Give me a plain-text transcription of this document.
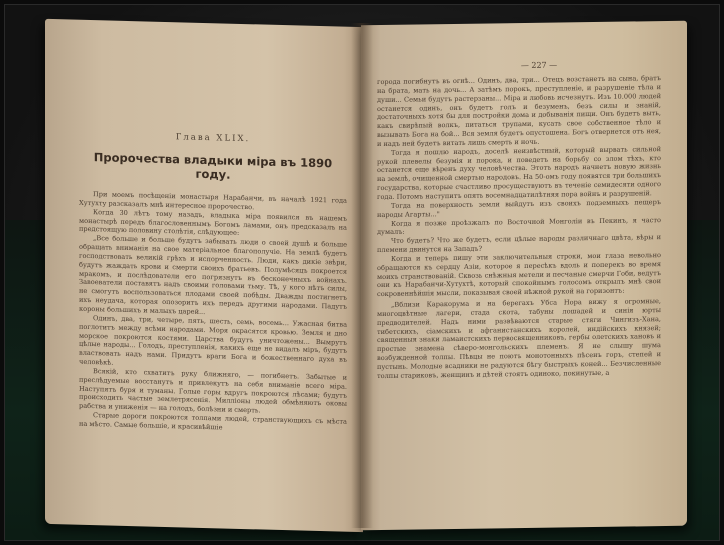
Глава XLIX.

Пророчества владыки міра въ 1890 году.

При моемъ посѣщеніи монастыря Нарабанчи, въ началѣ 1921 года Хутухту разсказалъ мнѣ интересное пророчество.

Когда 30 лѣтъ тому назадъ, владыка міра появился въ нашемъ монастырѣ передъ благословеннымъ Богомъ ламами, онъ предсказалъ на предстоящую половину столѣтія, слѣдующее:

„Все больше и больше будутъ забывать люди о своей душѣ и больше обращать вниманія на свое матеріальное благополучіе. На землѣ будетъ господствовать великій грѣхъ и испорченность. Люди, какъ дикіе звѣри, будутъ жаждать крови и смерти своихъ братьевъ. Полумѣсяцъ покроется мракомъ, и послѣдователи его погрязнутъ въ бесконечныхъ войнахъ. Завоеватели поставятъ надъ своими головами тьму. Тѣ, у кого нѣтъ силы, не смогутъ воспользоваться плодами своей побѣды. Дважды постигнетъ ихъ неудача, которая опозоритъ ихъ передъ другими народами. Падутъ короны большихъ и малыхъ царей...

Одинъ, два, три, четыре, пять, шесть, семь, восемь... Ужасная битва поглотитъ между всѣми народами. Моря окрасятся кровью. Земля и дно морское покроются костями. Царства будутъ уничтожены... Вымрутъ цѣлые народы... Голодъ, преступленія, какихъ еще не видалъ міръ, будутъ властвовать надъ нами. Придутъ враги Бога и божественнаго духа въ человѣкѣ.

Всякій, кто схватитъ руку ближняго, — погибнетъ. Забытые и преслѣдуемые восстанутъ и привлекутъ на себя вниманіе всего міра. Наступятъ буря и туманы. Голые горы вдругъ покроются лѣсами; будутъ происходить частые землетрясенія. Милліоны людей обмѣняютъ оковы рабства и униженія — на голодъ, болѣзни и смерть.

Старые дороги покроются толпами людей, странствующихъ съ мѣста на мѣсто. Самые большіе, и красивѣйшіе

— 227 —

города погибнутъ въ огнѣ... Одинъ, два, три... Отецъ возстанетъ на сына, братъ на брата, мать на дочь... А затѣмъ порокъ, преступленіе, и разрушеніе тѣла и души... Семьи будутъ растерзаны... Міра и любовь исчезнутъ. Изъ 10.000 людей останется одинъ, онъ будетъ голъ и безуменъ, безъ силы и знаній, достаточныхъ хотя бы для постройки дома и добыванія пищи. Онъ будетъ выть, какъ свирѣпый волкъ, питаться трупами, кусать свое собственное тѣло и вызывать Бога на бой... Вся земля будетъ опустошена. Богъ отвернется отъ нея, и надъ ней будетъ витать лишь смерть и ночь.

Тогда я пошлю народъ, доселѣ неизвѣстный, который вырвать сильной рукой плевелы безумія и порока, и поведетъ на борьбу со злом тѣхъ, кто останется еще вѣренъ духу человѣчества. Этотъ народъ начнетъ новую жизнь на землѣ, очищенной смертью народовъ. На 50-омъ году появятся три большихъ государства, которые счастливо просуществуютъ въ теченіе семидесяти одного года. Потомъ наступитъ опять восемнадцатилѣтняя пора войнъ и разрушеній.

Тогда на поверхность земли выйдутъ изъ своихъ подземныхъ пещеръ народы Агарты..."

Когда я позже проѣзжалъ по Восточной Монголіи въ Пекинъ, я часто думалъ:

Что будетъ? Что же будетъ, если цѣлые народы различнаго цвѣта, вѣры и племени двинутся на Западъ?

Когда и теперь пишу эти заключительныя строки, мои глаза невольно обращаются къ сердцу Азіи, которое я пересѣкъ вдоль и поперекъ во время моихъ странствованій. Сквозь снѣжныя метели и песчаные смерчи Гоби, ведутъ они къ Нарабанчи-Хутухтѣ, который спокойнымъ голосомъ открылъ мнѣ свои сокровеннѣйшія мысли, показывая своей нѣжной рукой на горизонтъ:

„Вблизи Каракорума и на берегахъ Убса Нора вижу я огромные, многоцвѣтные лагери, стада скота, табуны лошадей и синія юрты предводителей. Надъ ними развѣваются старые стяги Чингизъ-Хана, тибетскихъ, сіамскихъ и афганистанскихъ королей, индійскихъ князей; священныя знаки ламаистскихъ первосвященниковъ, гербы олетскихъ хановъ и простые знамена сѣверо-монгольскихъ племенъ. Я не слышу шума возбужденной толпы. Пѣвцы не поютъ монотонныхъ пѣсенъ горъ, степей и пустынь. Молодые всадники не радуются бѣгу быстрыхъ коней... Безчисленные толпы стариковъ, женщинъ и дѣтей стоятъ одиноко, покинутые, а
